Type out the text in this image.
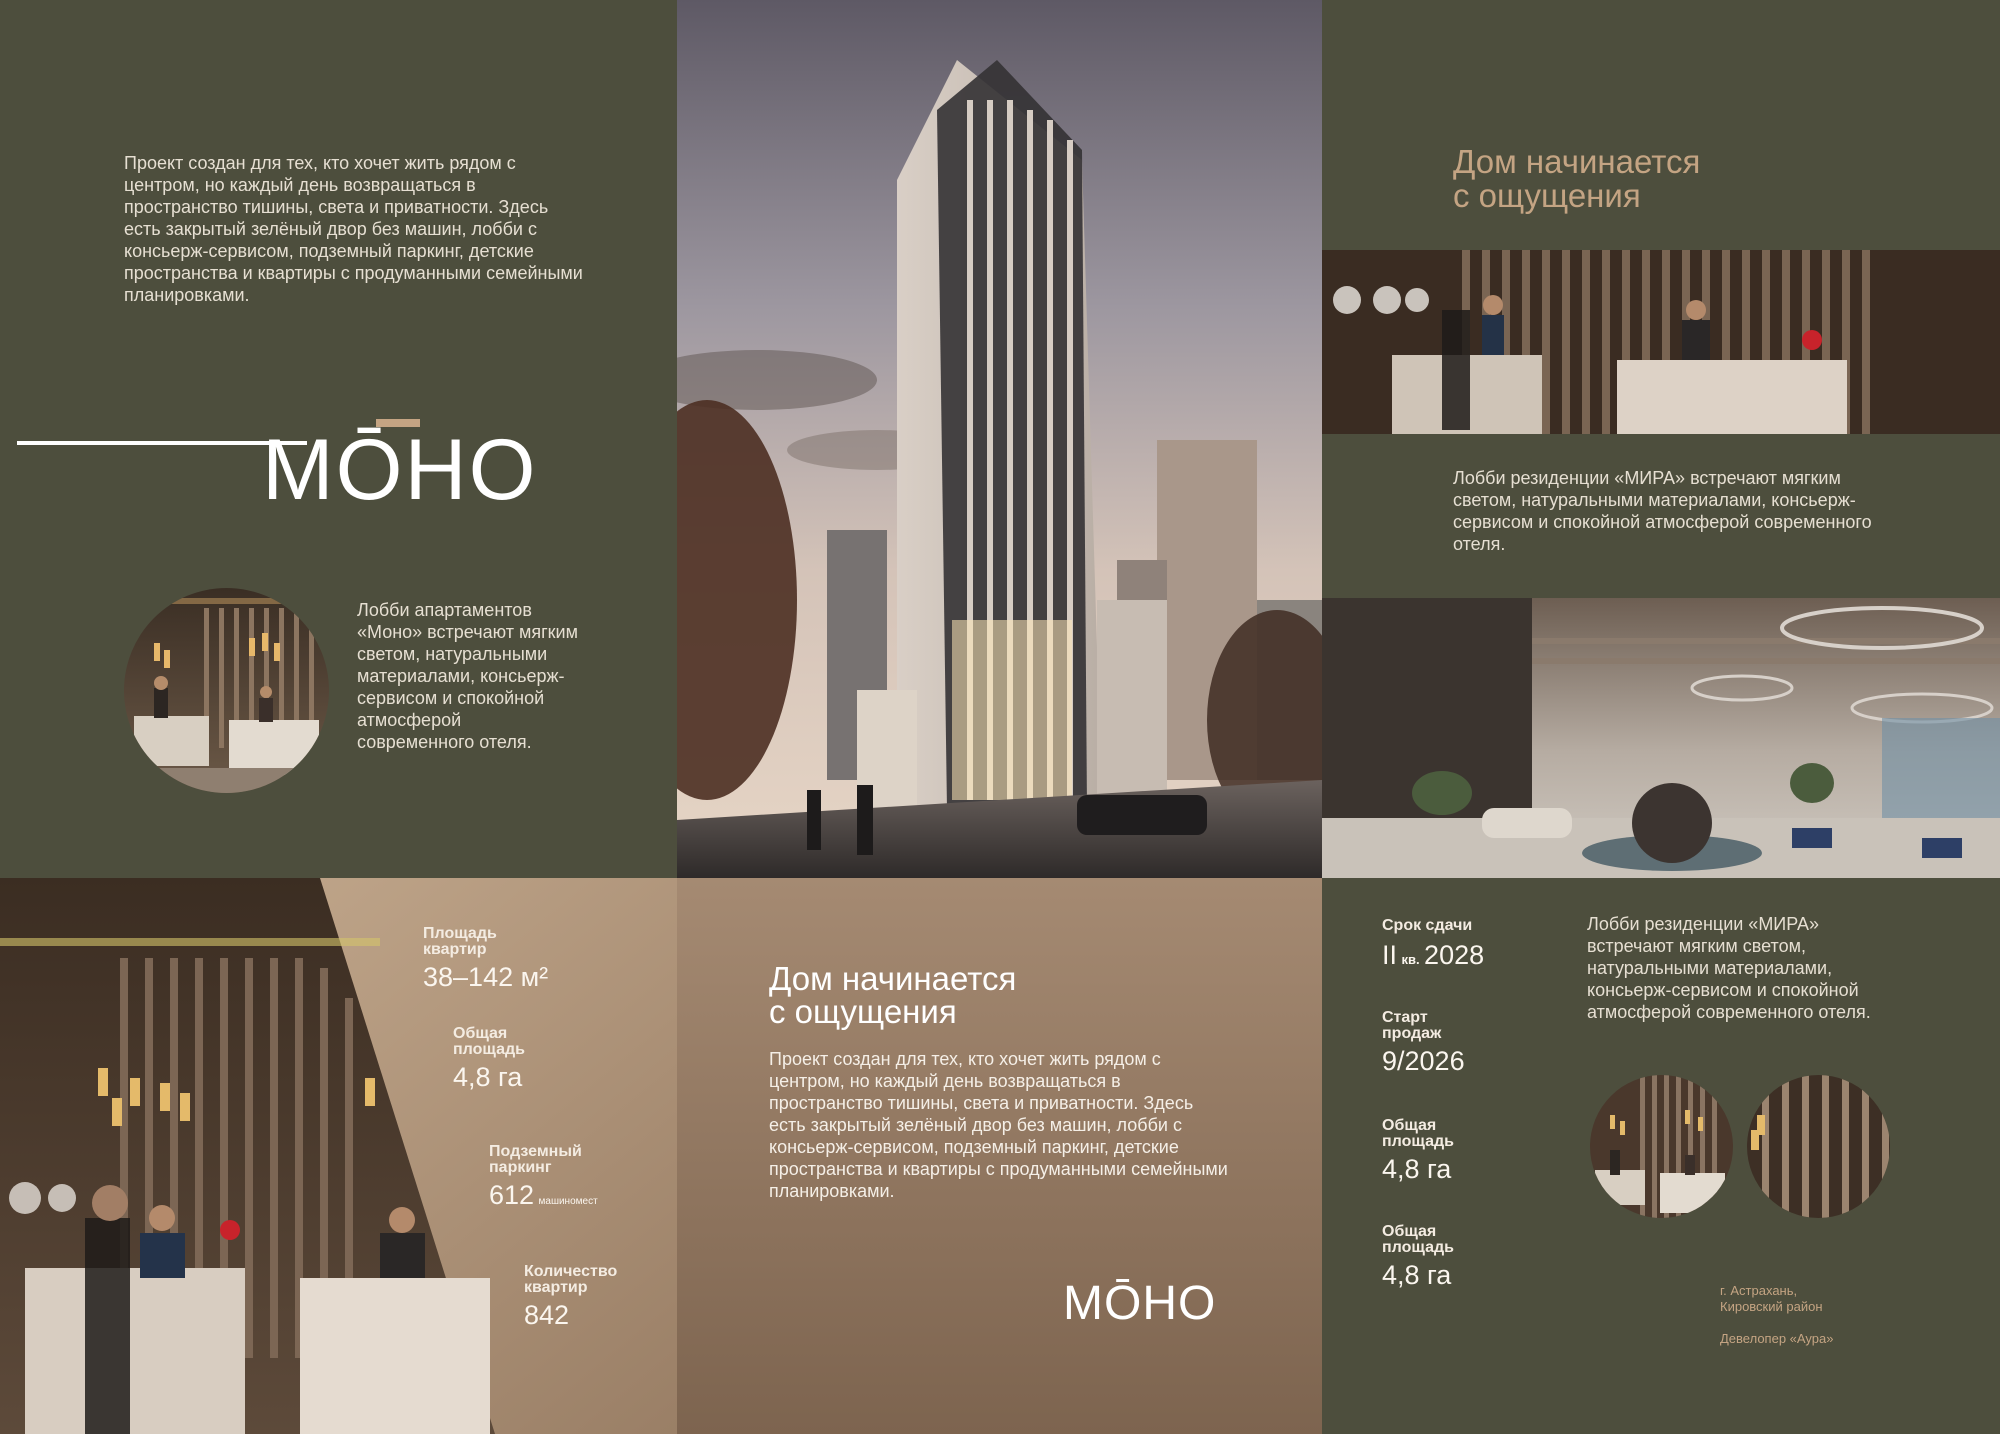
Проект создан для тех, кто хочет жить рядом с центром, но каждый день возвращаться в пространство тишины, света и приватности. Здесь есть закрытый зелёный двор без машин, лобби с консьерж-сервисом, подземный паркинг, детские пространства и квартиры с продуманными семейными планировками.

МŌНО

Лобби апартаментов «Моно» встречают мягким светом, натуральными материалами, консьерж-сервисом и спокойной атмосферой современного отеля.

Дом начинается
с ощущения

Лобби резиденции «МИРА» встречают мягким светом, натуральными материалами, консьерж-сервисом и спокойной атмосферой современного отеля.

Площадь квартир
38–142 м²
Общая площадь
4,8 га
Подземный паркинг
612 машиномест
Количество квартир
842
Дом начинается
с ощущения

Проект создан для тех, кто хочет жить рядом с центром, но каждый день возвращаться в пространство тишины, света и приватности. Здесь есть закрытый зелёный двор без машин, лобби с консьерж-сервисом, подземный паркинг, детские пространства и квартиры с продуманными семейными планировками.

МŌНО
Срок сдачи
II кв. 2028
Старт продаж
9/2026
Общая площадь
4,8 га
Общая площадь
4,8 га

Лобби резиденции «МИРА» встречают мягким светом, натуральными материалами, консьерж-сервисом и спокойной атмосферой современного отеля.

г. Астрахань, Кировский район
Девелопер «Аура»
